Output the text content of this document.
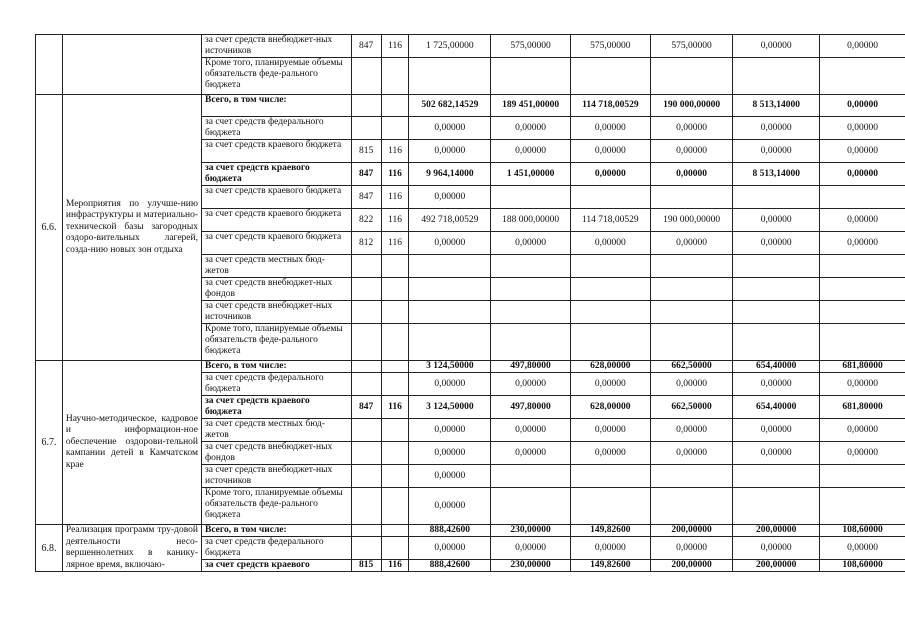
		за счет средств внебюджет-ных источников	847	116	1 725,00000	575,00000	575,00000	575,00000	0,00000	0,00000
		Кроме того, планируемые объемы обязательств феде-рального бюджета								
6.6.	Мероприятия по улучше-нию инфраструктуры и материально-технической базы загородных оздоро-вительных лагерей, созда-нию новых зон отдыха	Всего, в том числе:			502 682,14529	189 451,00000	114 718,00529	190 000,00000	8 513,14000	0,00000
		за счет средств федерального бюджета			0,00000	0,00000	0,00000	0,00000	0,00000	0,00000
		за счет средств краевого бюджета	815	116	0,00000	0,00000	0,00000	0,00000	0,00000	0,00000
		за счет средств краевого бюджета	847	116	9 964,14000	1 451,00000	0,00000	0,00000	8 513,14000	0,00000
		за счет средств краевого бюджета	847	116	0,00000					
		за счет средств краевого бюджета	822	116	492 718,00529	188 000,00000	114 718,00529	190 000,00000	0,00000	0,00000
		за счет средств краевого бюджета	812	116	0,00000	0,00000	0,00000	0,00000	0,00000	0,00000
		за счет средств местных бюд-жетов								
		за счет средств внебюджет-ных фондов								
		за счет средств внебюджет-ных источников								
		Кроме того, планируемые объемы обязательств феде-рального бюджета								
6.7.	Научно-методическое, кадровое и информацион-ное обеспечение оздорови-тельной кампании детей в Камчатском крае	Всего, в том числе:			3 124,50000	497,80000	628,00000	662,50000	654,40000	681,80000
		за счет средств федерального бюджета			0,00000	0,00000	0,00000	0,00000	0,00000	0,00000
		за счет средств краевого бюджета	847	116	3 124,50000	497,80000	628,00000	662,50000	654,40000	681,80000
		за счет средств местных бюд-жетов			0,00000	0,00000	0,00000	0,00000	0,00000	0,00000
		за счет средств внебюджет-ных фондов			0,00000	0,00000	0,00000	0,00000	0,00000	0,00000
		за счет средств внебюджет-ных источников			0,00000					
		Кроме того, планируемые объемы обязательств феде-рального бюджета			0,00000					
6.8.	Реализация программ тру-довой деятельности несо-вершеннолетних в канику-лярное время, включаю-	Всего, в том числе:			888,42600	230,00000	149,82600	200,00000	200,00000	108,60000
		за счет средств федерального бюджета			0,00000	0,00000	0,00000	0,00000	0,00000	0,00000
		за счет средств краевого	815	116	888,42600	230,00000	149,82600	200,00000	200,00000	108,60000
